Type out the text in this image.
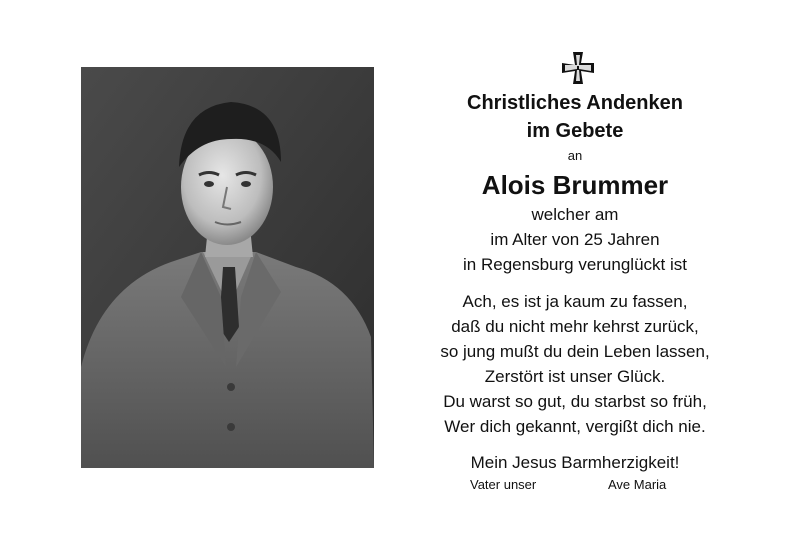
Christliches Andenken
im Gebete
an
Alois Brummer
welcher am
im Alter von 25 Jahren
in Regensburg verunglückt ist
Ach, es ist ja kaum zu fassen,
daß du nicht mehr kehrst zurück,
so jung mußt du dein Leben lassen,
Zerstört ist unser Glück.
Du warst so gut, du starbst so früh,
Wer dich gekannt, vergißt dich nie.
Mein Jesus Barmherzigkeit!
Vater unser	Ave Maria
